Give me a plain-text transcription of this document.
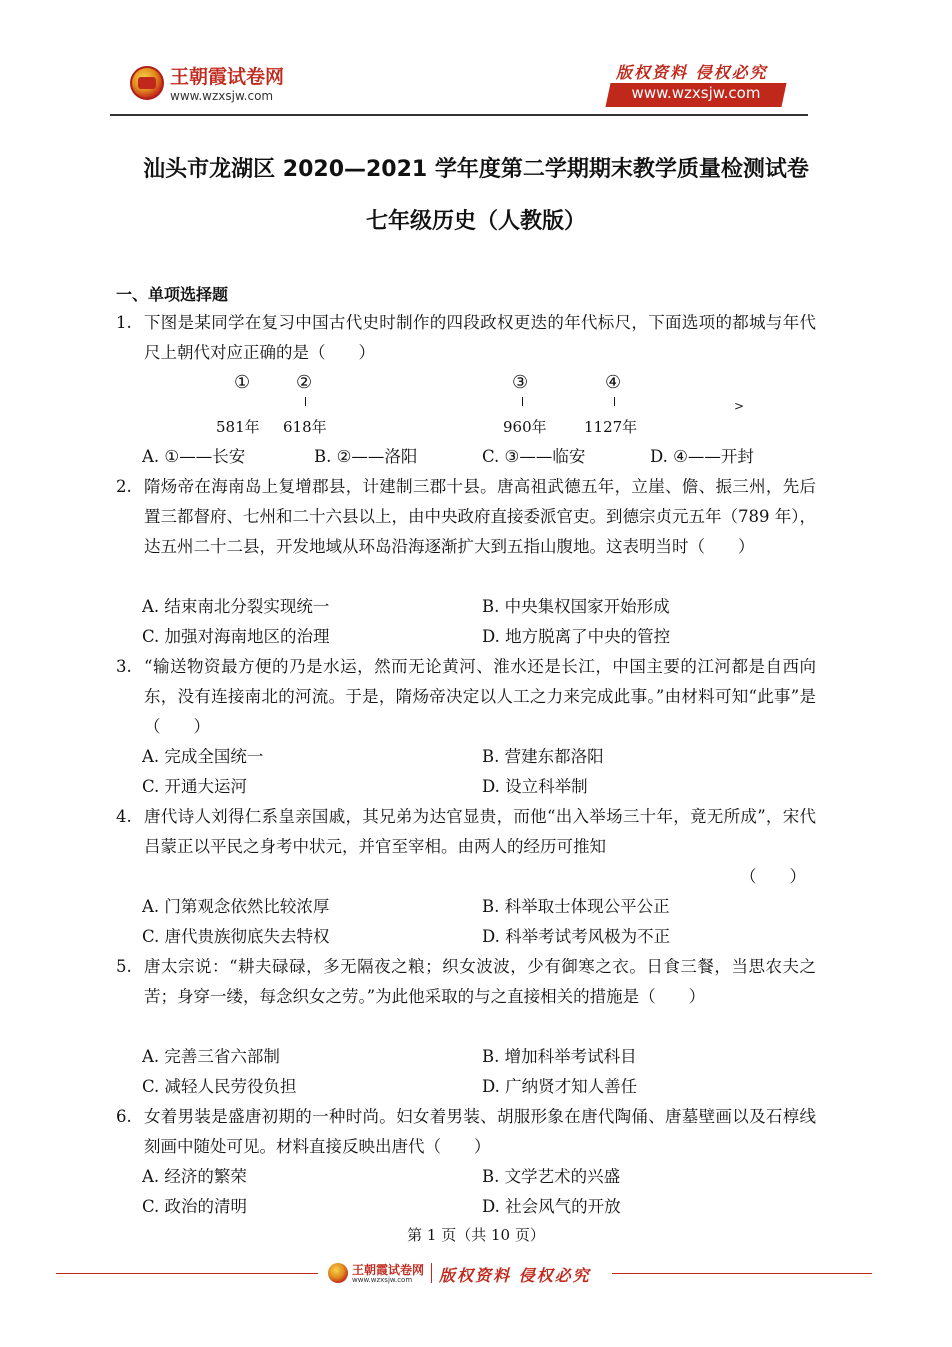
王朝霞试卷网
www.wzxsjw.com
版权资料 侵权必究
www.wzxsjw.com
汕头市龙湖区 2020—2021 学年度第二学期期末教学质量检测试卷
七年级历史（人教版）
一、单项选择题
1. 下图是某同学在复习中国古代史时制作的四段政权更迭的年代标尺，下面选项的都城与年代尺上朝代对应正确的是（　　）
①	②	③	④
>
581年 618年	960年 1127年
A. ①——长安	B. ②——洛阳	C. ③——临安	D. ④——开封
2. 隋炀帝在海南岛上复增郡县，计建制三郡十县。唐高祖武德五年，立崖、儋、振三州，先后置三都督府、七州和二十六县以上，由中央政府直接委派官吏。到德宗贞元五年（789 年），达五州二十二县，开发地域从环岛沿海逐渐扩大到五指山腹地。这表明当时（　　）
A. 结束南北分裂实现统一	B. 中央集权国家开始形成
C. 加强对海南地区的治理	D. 地方脱离了中央的管控
3. “输送物资最方便的乃是水运，然而无论黄河、淮水还是长江，中国主要的江河都是自西向东，没有连接南北的河流。于是，隋炀帝决定以人工之力来完成此事。”由材料可知“此事”是（　　）
A. 完成全国统一	B. 营建东都洛阳
C. 开通大运河	D. 设立科举制
4. 唐代诗人刘得仁系皇亲国戚，其兄弟为达官显贵，而他“出入举场三十年，竟无所成”，宋代吕蒙正以平民之身考中状元，并官至宰相。由两人的经历可推知
（　　）
A. 门第观念依然比较浓厚	B. 科举取士体现公平公正
C. 唐代贵族彻底失去特权	D. 科举考试考风极为不正
5. 唐太宗说：“耕夫碌碌，多无隔夜之粮；织女波波，少有御寒之衣。日食三餐，当思农夫之苦；身穿一缕，每念织女之劳。”为此他采取的与之直接相关的措施是（　　）
A. 完善三省六部制	B. 增加科举考试科目
C. 减轻人民劳役负担	D. 广纳贤才知人善任
6. 女着男装是盛唐初期的一种时尚。妇女着男装、胡服形象在唐代陶俑、唐墓壁画以及石椁线刻画中随处可见。材料直接反映出唐代（　　）
A. 经济的繁荣	B. 文学艺术的兴盛
C. 政治的清明	D. 社会风气的开放
第 1 页（共 10 页）
王朝霞试卷网
www.wzxsjw.com 版权资料 侵权必究
